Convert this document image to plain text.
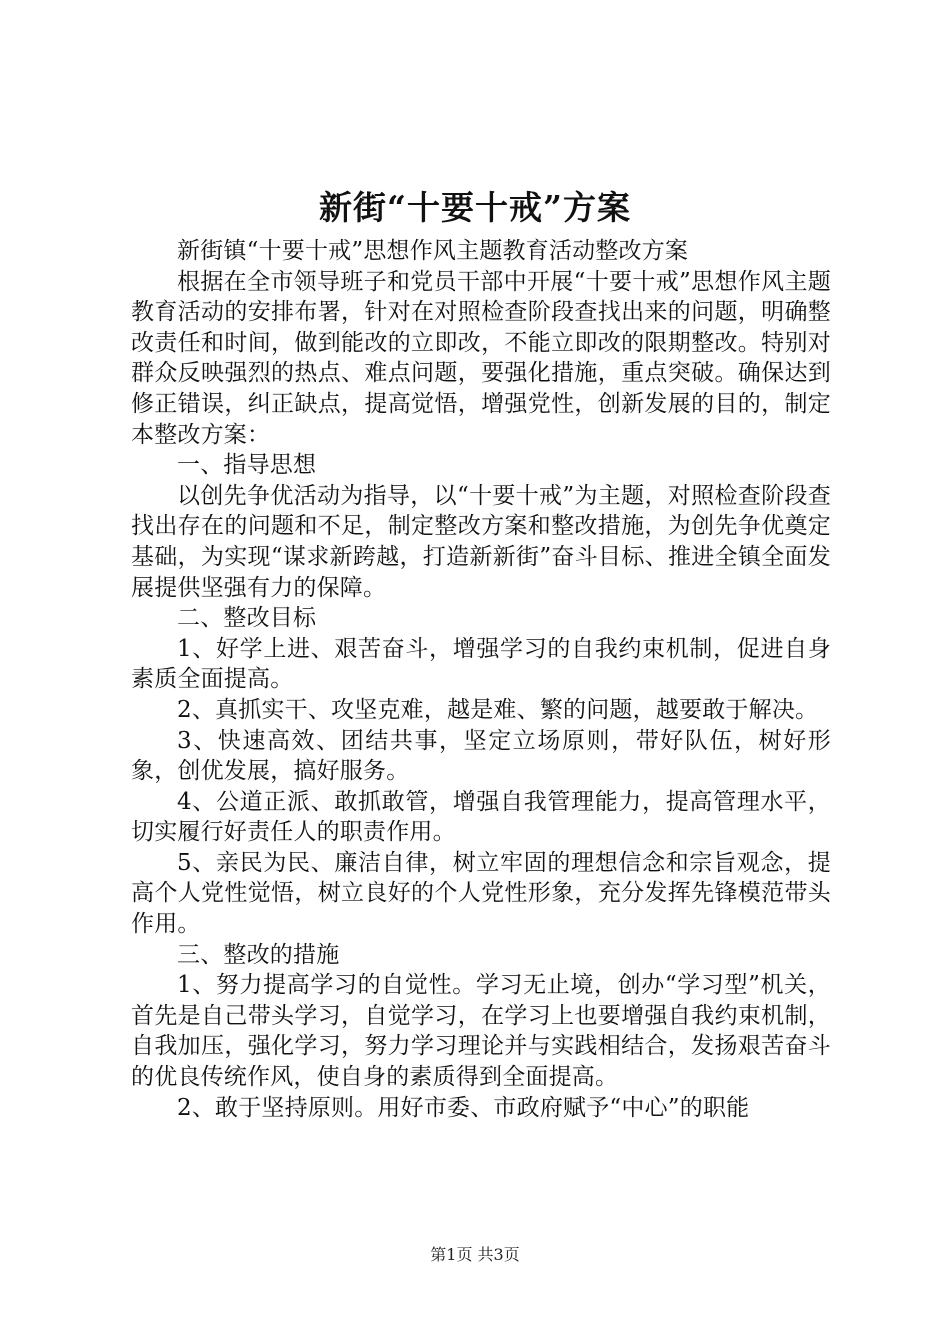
新街“十要十戒”方案

新街镇“十要十戒”思想作风主题教育活动整改方案

根据在全市领导班子和党员干部中开展“十要十戒”思想作风主题教育活动的安排布署，针对在对照检查阶段查找出来的问题，明确整改责任和时间，做到能改的立即改，不能立即改的限期整改。特别对群众反映强烈的热点、难点问题，要强化措施，重点突破。确保达到修正错误，纠正缺点，提高觉悟，增强党性，创新发展的目的，制定本整改方案：

一、指导思想

以创先争优活动为指导，以“十要十戒”为主题，对照检查阶段查找出存在的问题和不足，制定整改方案和整改措施，为创先争优奠定基础，为实现“谋求新跨越，打造新新街”奋斗目标、推进全镇全面发展提供坚强有力的保障。

二、整改目标

1、好学上进、艰苦奋斗，增强学习的自我约束机制，促进自身素质全面提高。

2、真抓实干、攻坚克难，越是难、繁的问题，越要敢于解决。

3、快速高效、团结共事，坚定立场原则，带好队伍，树好形象，创优发展，搞好服务。

4、公道正派、敢抓敢管，增强自我管理能力，提高管理水平，切实履行好责任人的职责作用。

5、亲民为民、廉洁自律，树立牢固的理想信念和宗旨观念，提高个人党性觉悟，树立良好的个人党性形象，充分发挥先锋模范带头作用。

三、整改的措施

1、努力提高学习的自觉性。学习无止境，创办“学习型”机关，首先是自己带头学习，自觉学习，在学习上也要增强自我约束机制，自我加压，强化学习，努力学习理论并与实践相结合，发扬艰苦奋斗的优良传统作风，使自身的素质得到全面提高。

2、敢于坚持原则。用好市委、市政府赋予“中心”的职能

第1页 共3页
